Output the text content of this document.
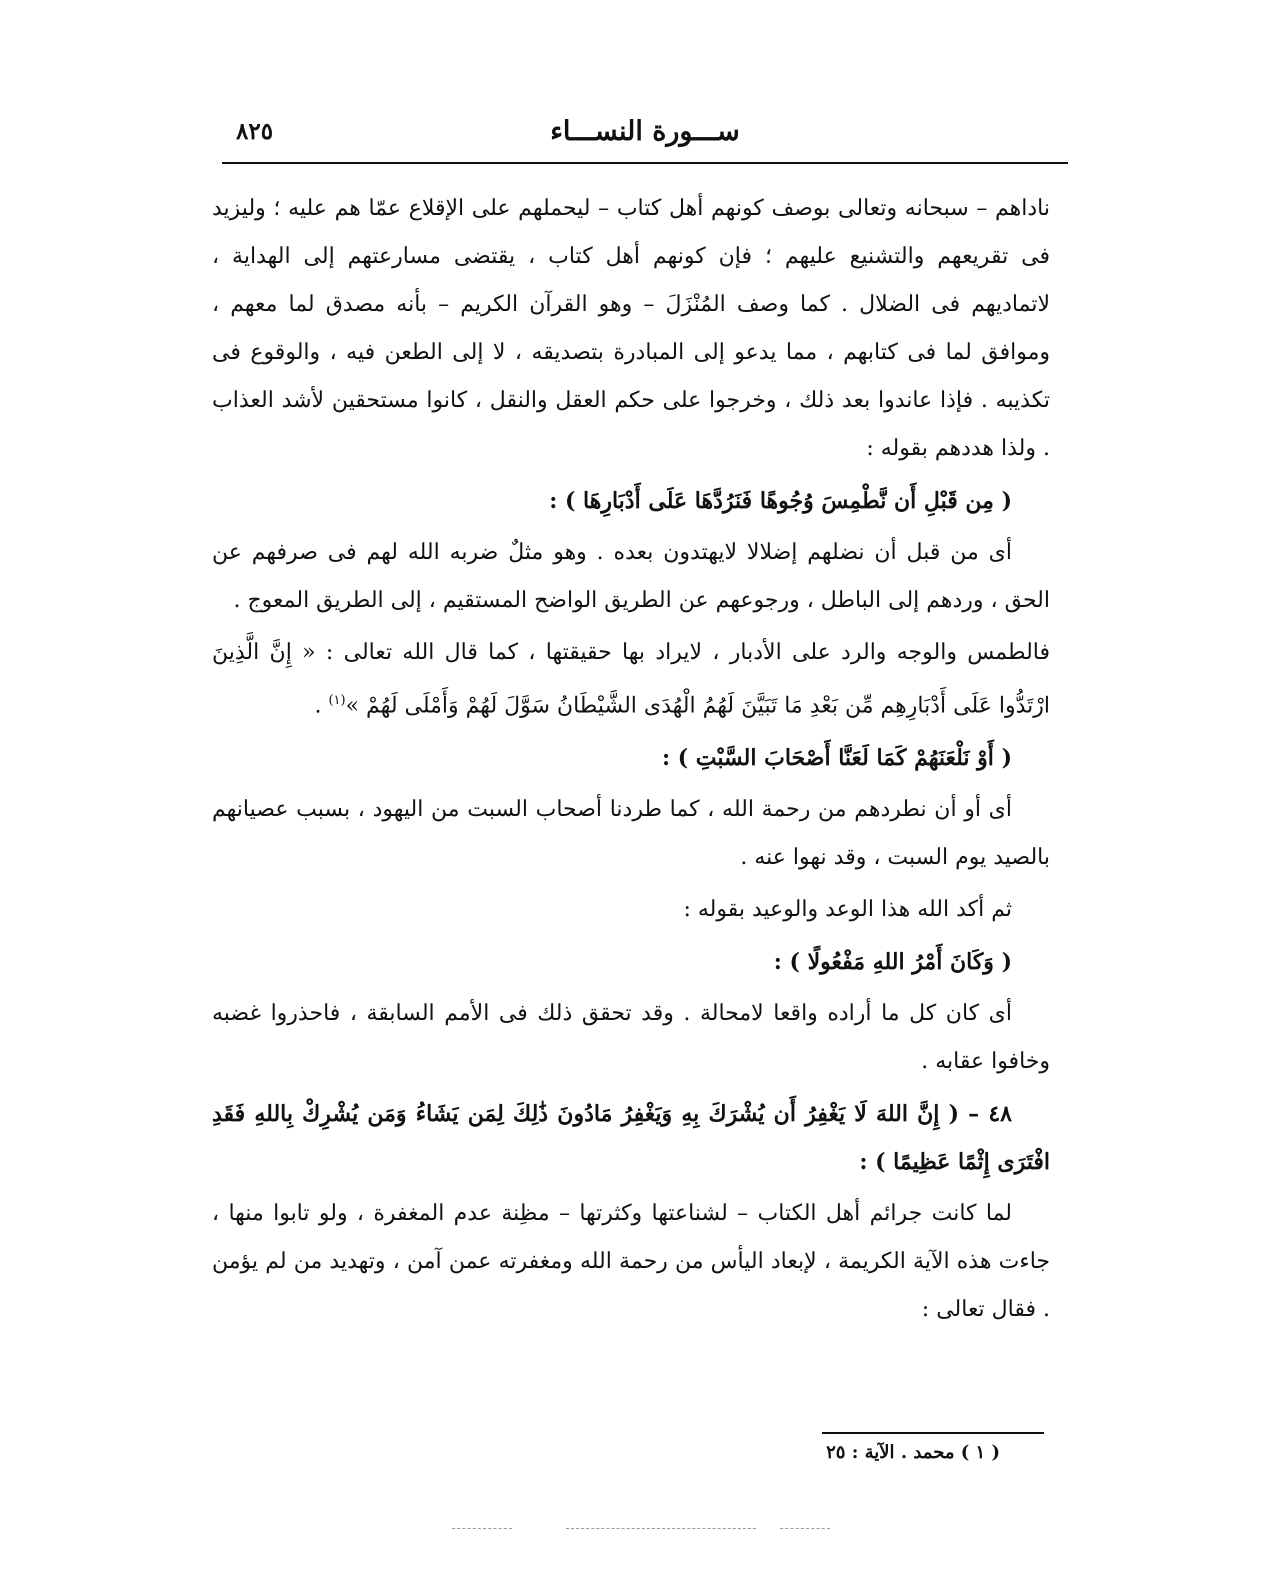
ســـورة النســـاء
٨٢٥

ناداهم – سبحانه وتعالى بوصف كونهم أهل كتاب – ليحملهم على الإقلاع عمّا هم عليه ؛ وليزيد فى تقريعهم والتشنيع عليهم ؛ فإن كونهم أهل كتاب ، يقتضى مسارعتهم إلى الهداية ، لاتماديهم فى الضلال . كما وصف المُنْزَلَ – وهو القرآن الكريم – بأنه مصدق لما معهم ، وموافق لما فى كتابهم ، مما يدعو إلى المبادرة بتصديقه ، لا إلى الطعن فيه ، والوقوع فى تكذيبه . فإذا عاندوا بعد ذلك ، وخرجوا على حكم العقل والنقل ، كانوا مستحقين لأشد العذاب . ولذا هددهم بقوله :

( مِن قَبْلِ أَن نَّطْمِسَ وُجُوهًا فَنَرُدَّهَا عَلَى أَدْبَارِهَا ) :

أى من قبل أن نضلهم إضلالا لايهتدون بعده . وهو مثلٌ ضربه الله لهم فى صرفهم عن الحق ، وردهم إلى الباطل ، ورجوعهم عن الطريق الواضح المستقيم ، إلى الطريق المعوج .

فالطمس والوجه والرد على الأدبار ، لايراد بها حقيقتها ، كما قال الله تعالى : « إِنَّ الَّذِينَ ارْتَدُّوا عَلَى أَدْبَارِهِم مِّن بَعْدِ مَا تَبَيَّنَ لَهُمُ الْهُدَى الشَّيْطَانُ سَوَّلَ لَهُمْ وَأَمْلَى لَهُمْ »$^{(١)}$ .

( أَوْ نَلْعَنَهُمْ كَمَا لَعَنَّا أَصْحَابَ السَّبْتِ ) :

أى أو أن نطردهم من رحمة الله ، كما طردنا أصحاب السبت من اليهود ، بسبب عصيانهم بالصيد يوم السبت ، وقد نهوا عنه .

ثم أكد الله هذا الوعد والوعيد بقوله :

( وَكَانَ أَمْرُ اللهِ مَفْعُولًا ) :

أى كان كل ما أراده واقعا لامحالة . وقد تحقق ذلك فى الأمم السابقة ، فاحذروا غضبه وخافوا عقابه .

٤٨ – ( إِنَّ اللهَ لَا يَغْفِرُ أَن يُشْرَكَ بِهِ وَيَغْفِرُ مَادُونَ ذَٰلِكَ لِمَن يَشَاءُ وَمَن يُشْرِكْ بِاللهِ فَقَدِ افْتَرَى إِثْمًا عَظِيمًا ) :

لما كانت جرائم أهل الكتاب – لشناعتها وكثرتها – مظِنة عدم المغفرة ، ولو تابوا منها ، جاءت هذه الآية الكريمة ، لإبعاد اليأس من رحمة الله ومغفرته عمن آمن ، وتهديد من لم يؤمن . فقال تعالى :

( ١ ) محمد . الآية : ٢٥
